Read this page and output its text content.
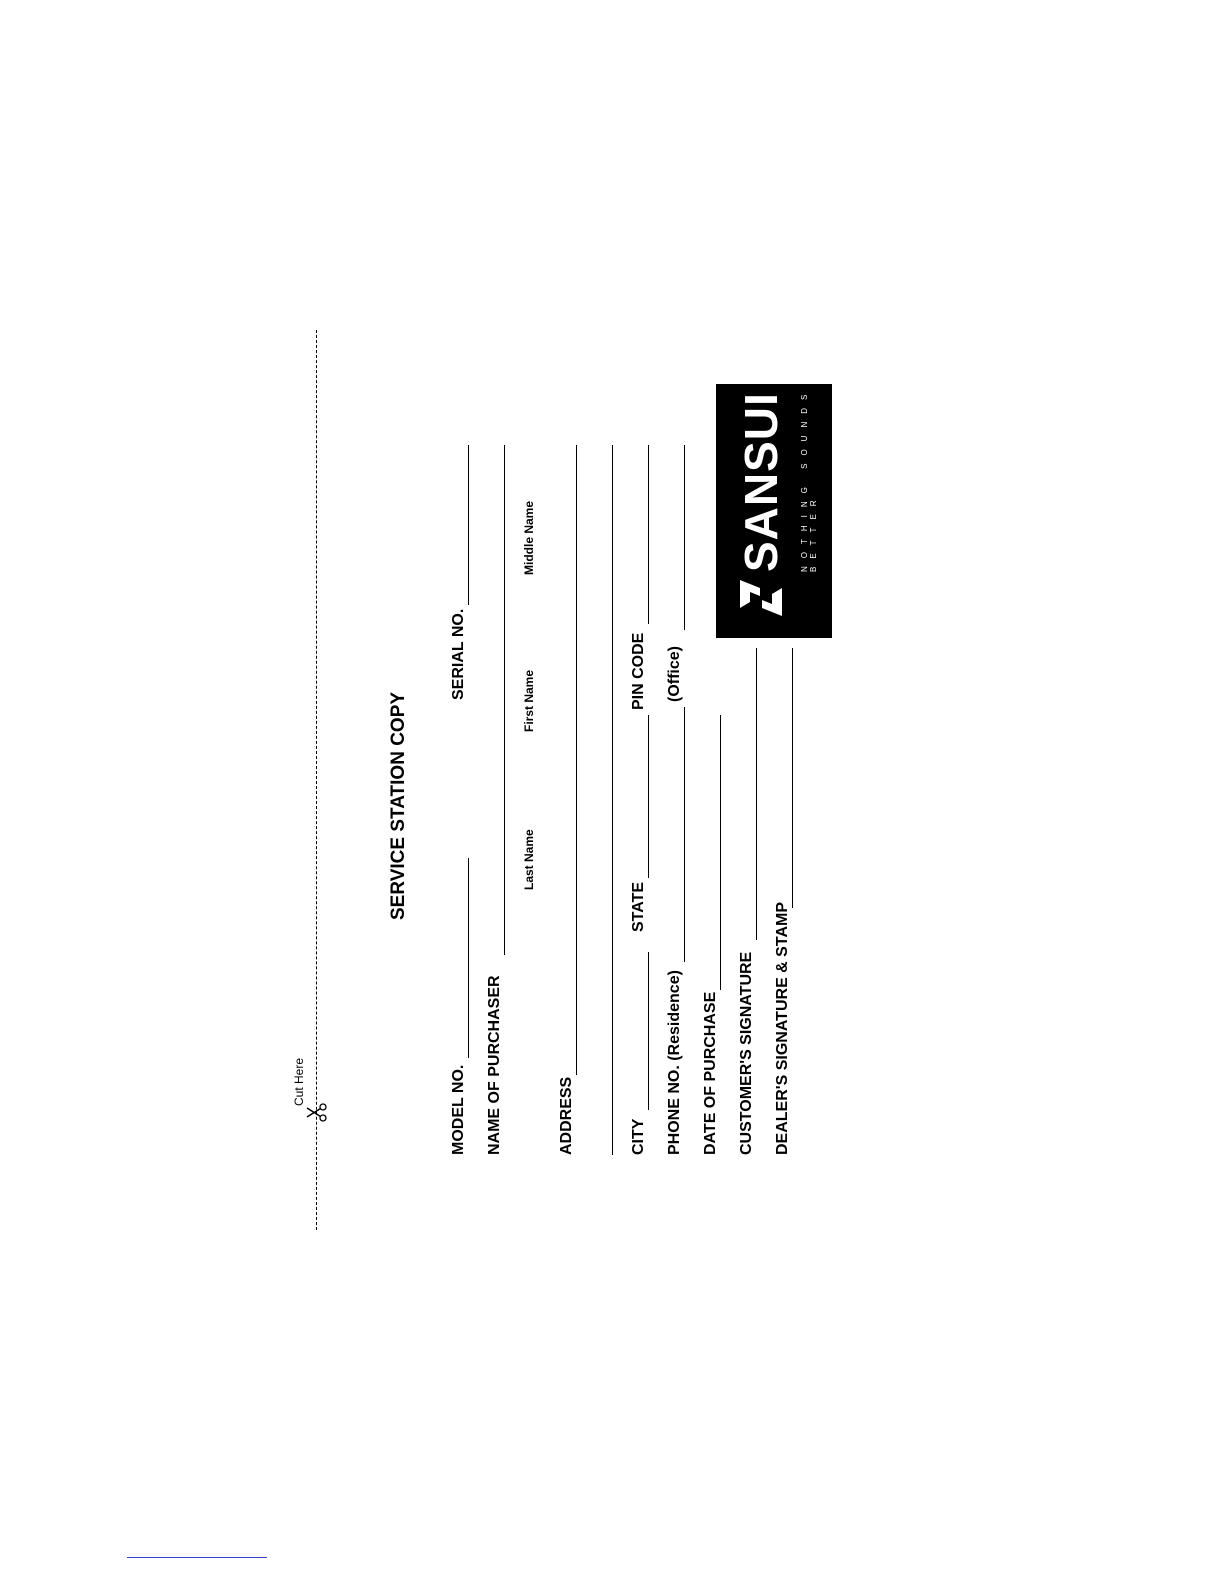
Cut Here
SERVICE STATION COPY
MODEL NO.
SERIAL NO.
NAME OF PURCHASER
Last Name
First Name
Middle Name
ADDRESS	CITY
STATE
PIN CODE
PHONE NO. (Residence)
(Office)
DATE OF PURCHASE CUSTOMER'S SIGNATURE DEALER'S SIGNATURE & STAMP
SANSUI NOTHING SOUNDS BETTER
